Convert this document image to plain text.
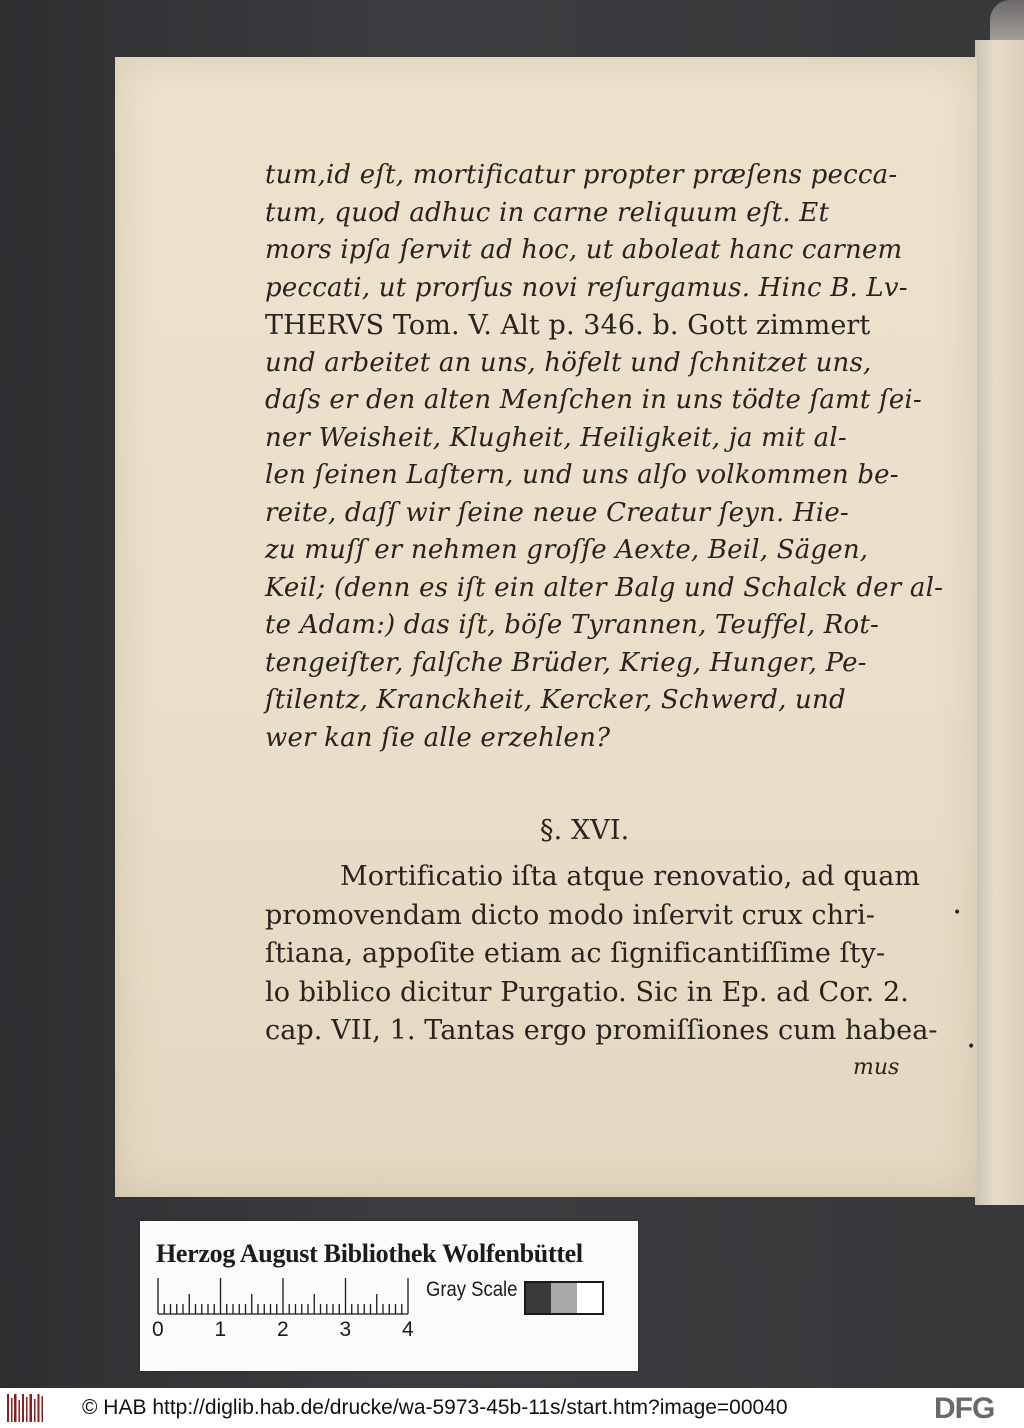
tum,id eſt, mortificatur propter præſens pecca-
tum, quod adhuc in carne reliquum eſt. Et
mors ipſa ſervit ad hoc, ut aboleat hanc carnem
peccati, ut prorſus novi reſurgamus. Hinc B. Lv-
THERVS Tom. V. Alt p. 346. b. Gott zimmert
und arbeitet an uns, höfelt und ſchnitzet uns,
daſs er den alten Menſchen in uns tödte ſamt ſei-
ner Weisheit, Klugheit, Heiligkeit, ja mit al-
len ſeinen Laſtern, und uns alſo volkommen be-
reite, daſſ wir ſeine neue Creatur ſeyn. Hie-
zu muſſ er nehmen groſſe Aexte, Beil, Sägen,
Keil; (denn es iſt ein alter Balg und Schalck der al-
te Adam:) das iſt, böſe Tyrannen, Teuffel, Rot-
tengeiſter, falſche Brüder, Krieg, Hunger, Pe-
ſtilentz, Kranckheit, Kercker, Schwerd, und
wer kan ſie alle erzehlen?
§. XVI.
Mortificatio iſta atque renovatio, ad quam
promovendam dicto modo inſervit crux chri-
ſtiana, appoſite etiam ac ſignificantiſſime ſty-
lo biblico dicitur Purgatio. Sic in Ep. ad Cor. 2.
cap. VII, 1. Tantas ergo promiſſiones cum habea-
mus
•
•
Herzog August Bibliothek Wolfenbüttel
0 1 2 3 4
Gray Scale
© HAB http://diglib.hab.de/drucke/wa-5973-45b-11s/start.htm?image=00040	DFG
